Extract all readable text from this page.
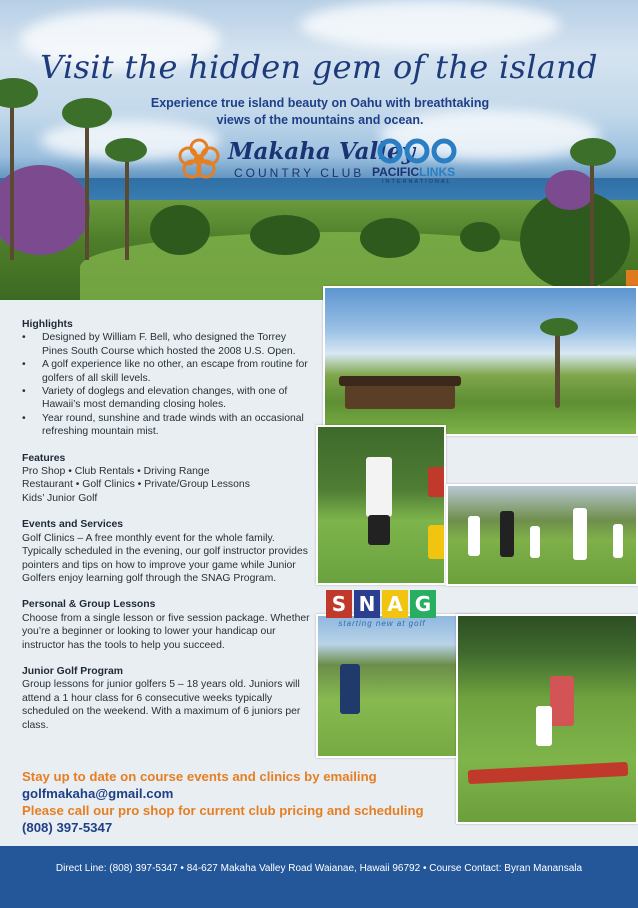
Visit the hidden gem of the island
Experience true island beauty on Oahu with breathtaking views of the mountains and ocean.
Makaha Valley
COUNTRY CLUB PACIFICLINKS
INTERNATIONAL
S N A G
starting new at golf
Highlights
• Designed by William F. Bell, who designed the Torrey Pines South Course which hosted the 2008 U.S. Open.
• A golf experience like no other, an escape from routine for golfers of all skill levels.
• Variety of doglegs and elevation changes, with one of Hawaii’s most demanding closing holes.
• Year round, sunshine and trade winds with an occasional refreshing mountain mist.
Features

Pro Shop • Club Rentals • Driving Range

Restaurant • Golf Clinics • Private/Group Lessons

Kids’ Junior Golf

Events and Services

Golf Clinics – A free monthly event for the whole family. Typically scheduled in the evening, our golf instructor provides pointers and tips on how to improve your game while Junior Golfers enjoy learning golf through the SNAG Program.

Personal & Group Lessons

Choose from a single lesson or five session package. Whether you’re a beginner or looking to lower your handicap our instructor has the tools to help you succeed.

Junior Golf Program

Group lessons for junior golfers 5 – 18 years old. Juniors will attend a 1 hour class for 6 consecutive weeks typically scheduled on the weekend. With a maximum of 6 juniors per class.

Stay up to date on course events and clinics by emailing
golfmakaha@gmail.com
Please call our pro shop for current club pricing and scheduling
(808) 397-5347
Direct Line: (808) 397-5347 • 84-627 Makaha Valley Road Waianae, Hawaii 96792 • Course Contact: Byran Manansala
